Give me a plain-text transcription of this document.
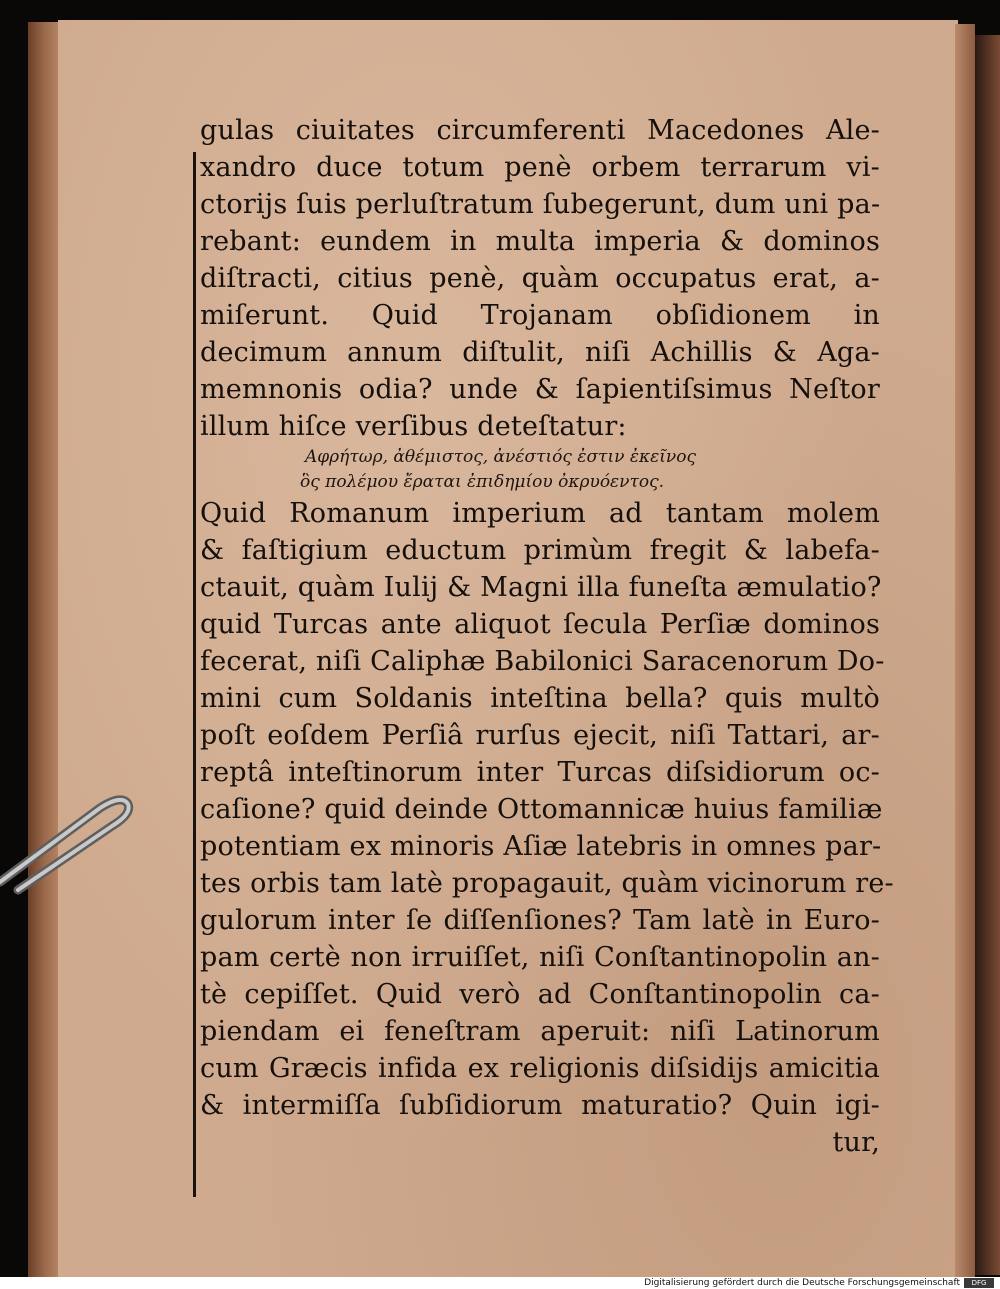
gulas ciuitates circumferenti Macedones Ale-
xandro duce totum penè orbem terrarum vi-
ctorijs ſuis perluſtratum ſubegerunt, dum uni pa-
rebant: eundem in multa imperia & dominos
diſtracti, citius penè, quàm occupatus erat, a-
miſerunt. Quid Trojanam obſidionem in
decimum annum diſtulit, niſi Achillis & Aga-
memnonis odia? unde & ſapientiſsimus Neſtor
illum hiſce verſibus deteſtatur:
Αφρήτωρ, ἀθέμιστος, ἀνέστιός ἐστιν ἐκεῖνος
ὃς πολέμου ἔραται ἐπιδημίου ὀκρυόεντος.
Quid Romanum imperium ad tantam molem
& faſtigium eductum primùm fregit & labefa-
ctauit, quàm Iulij & Magni illa funeſta æmulatio?
quid Turcas ante aliquot ſecula Perſiæ dominos
fecerat, niſi Caliphæ Babilonici Saracenorum Do-
mini cum Soldanis inteſtina bella? quis multò
poſt eoſdem Perſiâ rurſus ejecit, niſi Tattari, ar-
reptâ inteſtinorum inter Turcas diſsidiorum oc-
caſione? quid deinde Ottomannicæ huius familiæ
potentiam ex minoris Aſiæ latebris in omnes par-
tes orbis tam latè propagauit, quàm vicinorum re-
gulorum inter ſe diſſenſiones? Tam latè in Euro-
pam certè non irruiſſet, niſi Conſtantinopolin an-
tè cepiſſet. Quid verò ad Conſtantinopolin ca-
piendam ei feneſtram aperuit: niſi Latinorum
cum Græcis infida ex religionis diſsidijs amicitia
& intermiſſa ſubſidiorum maturatio? Quin igi-
tur,
Digitalisierung gefördert durch die Deutsche Forschungsgemeinschaft	DFG
